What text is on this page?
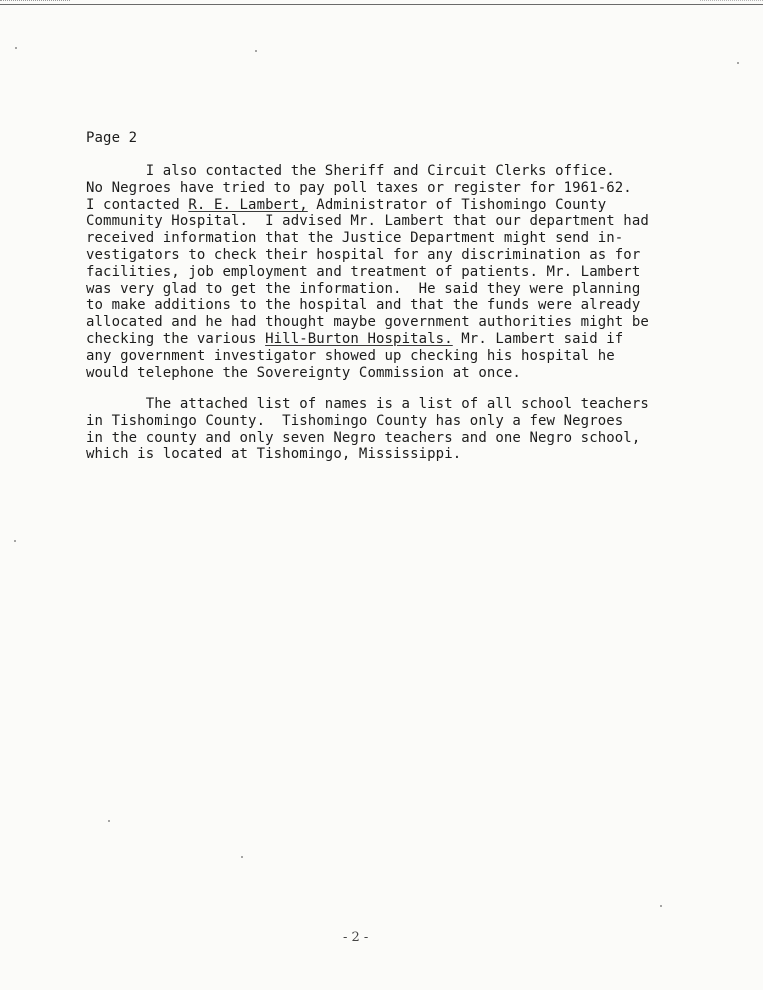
Page 2
I also contacted the Sheriff and Circuit Clerks office.
No Negroes have tried to pay poll taxes or register for 1961-62.
I contacted R. E. Lambert, Administrator of Tishomingo County
Community Hospital.  I advised Mr. Lambert that our department had
received information that the Justice Department might send in-
vestigators to check their hospital for any discrimination as for
facilities, job employment and treatment of patients. Mr. Lambert
was very glad to get the information.  He said they were planning
to make additions to the hospital and that the funds were already
allocated and he had thought maybe government authorities might be
checking the various Hill-Burton Hospitals. Mr. Lambert said if
any government investigator showed up checking his hospital he
would telephone the Sovereignty Commission at once.
The attached list of names is a list of all school teachers
in Tishomingo County.  Tishomingo County has only a few Negroes
in the county and only seven Negro teachers and one Negro school,
which is located at Tishomingo, Mississippi.
- 2 -
